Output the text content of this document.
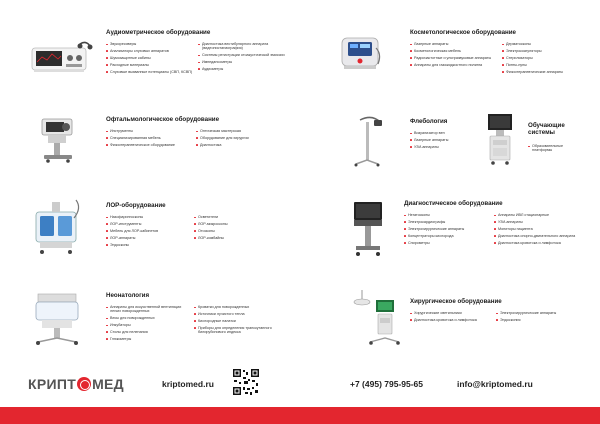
Аудиометрическое оборудование
Звукоресиверы
Анализаторы слуховых аппаратов
Шумозащитные кабины
Расходные материалы
Слуховые вызванные потенциалы (СВП, КСВП)
Диагностика вестибулярного аппарата (видеонистагмография)
Системы регистрации отоакустической эмиссии
Импедансометры
Аудиометры
Косметологическое оборудование
Лазерные аппараты
Косметологическая мебель
Радиочастотные и ультразвуковые аппараты
Аппараты для газожидкостного пилинга
Дерматоскопы
Электрокоагуляторы
Стерилизаторы
Пинты-пуны
Физиотерапевтические аппараты
Офтальмологическое оборудование
Инструменты
Специализированная мебель
Физиотерапевтическое оборудование
Оптическая мастерская
Оборудование для хирургии
Диагностика
Флебология
Визуализатор вен
Лазерные аппараты
УЗИ-аппараты
Обучающие системы
Образовательные платформы
ЛОР-оборудование
Назофарингоскопы
ЛОР-инструменты
Мебель для ЛОР-кабинетов
ЛОР-аппараты
Эндоскопы
Осветители
ЛОР-микроскопы
Отоскопы
ЛОР-комбайны
Диагностическое оборудование
Негатоскопы
Электрокардиографы
Электрохирургические аппараты
Концентраторы кислорода
Спирометры
Аппараты ИВЛ стационарные
УЗИ-аппараты
Мониторы пациента
Диагностика опорно-двигательного аппарата
Диагностика кровотока и лимфотока
Неонатология
Аппараты для искусственной вентиляции легких новорожденных
Весы для новорожденных
Инкубаторы
Столы для пеленания
Глюкометры
Кроватки для новорожденных
Источники лучистого тепла
Кислородные палатки
Приборы для определения транскутанного билирубинового индекса
Хирургическое оборудование
Хирургические светильники
Диагностика кровотока и лимфотока
Электрохирургические аппараты
Эндоскопия
КРИПТ МЕД	kriptomed.ru	+7 (495) 795-95-65	info@kriptomed.ru
